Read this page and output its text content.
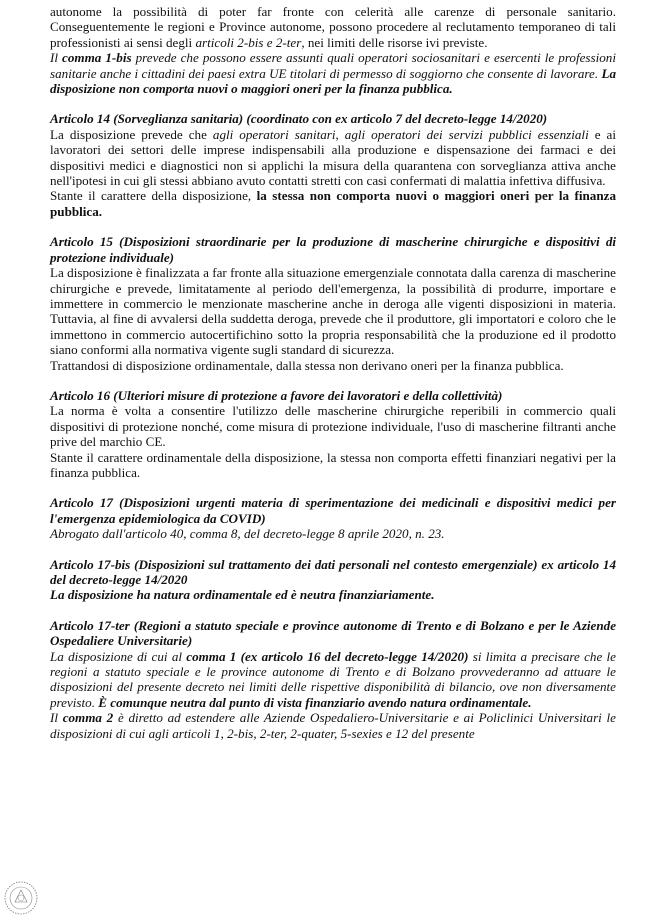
autonome la possibilità di poter far fronte con celerità alle carenze di personale sanitario. Conseguentemente le regioni e Province autonome, possono procedere al reclutamento temporaneo di tali professionisti ai sensi degli articoli 2-bis e 2-ter, nei limiti delle risorse ivi previste.

Il comma 1-bis prevede che possono essere assunti quali operatori sociosanitari e esercenti le professioni sanitarie anche i cittadini dei paesi extra UE titolari di permesso di soggiorno che consente di lavorare. La disposizione non comporta nuovi o maggiori oneri per la finanza pubblica.

Articolo 14 (Sorveglianza sanitaria) (coordinato con ex articolo 7 del decreto-legge 14/2020)

La disposizione prevede che agli operatori sanitari, agli operatori dei servizi pubblici essenziali e ai lavoratori dei settori delle imprese indispensabili alla produzione e dispensazione dei farmaci e dei dispositivi medici e diagnostici non si applichi la misura della quarantena con sorveglianza attiva anche nell'ipotesi in cui gli stessi abbiano avuto contatti stretti con casi confermati di malattia infettiva diffusiva.

Stante il carattere della disposizione, la stessa non comporta nuovi o maggiori oneri per la finanza pubblica.

Articolo 15 (Disposizioni straordinarie per la produzione di mascherine chirurgiche e dispositivi di protezione individuale)

La disposizione è finalizzata a far fronte alla situazione emergenziale connotata dalla carenza di mascherine chirurgiche e prevede, limitatamente al periodo dell'emergenza, la possibilità di produrre, importare e immettere in commercio le menzionate mascherine anche in deroga alle vigenti disposizioni in materia. Tuttavia, al fine di avvalersi della suddetta deroga, prevede che il produttore, gli importatori e coloro che le immettono in commercio autocertifichino sotto la propria responsabilità che la produzione ed il prodotto siano conformi alla normativa vigente sugli standard di sicurezza.

Trattandosi di disposizione ordinamentale, dalla stessa non derivano oneri per la finanza pubblica.

Articolo 16 (Ulteriori misure di protezione a favore dei lavoratori e della collettività)

La norma è volta a consentire l'utilizzo delle mascherine chirurgiche reperibili in commercio quali dispositivi di protezione nonché, come misura di protezione individuale, l'uso di mascherine filtranti anche prive del marchio CE.

Stante il carattere ordinamentale della disposizione, la stessa non comporta effetti finanziari negativi per la finanza pubblica.

Articolo 17 (Disposizioni urgenti materia di sperimentazione dei medicinali e dispositivi medici per l'emergenza epidemiologica da COVID)

Abrogato dall'articolo 40, comma 8, del decreto-legge 8 aprile 2020, n. 23.

Articolo 17-bis (Disposizioni sul trattamento dei dati personali nel contesto emergenziale) ex articolo 14 del decreto-legge 14/2020

La disposizione ha natura ordinamentale ed è neutra finanziariamente.

Articolo 17-ter (Regioni a statuto speciale e province autonome di Trento e di Bolzano e per le Aziende Ospedaliere Universitarie)

La disposizione di cui al comma 1 (ex articolo 16 del decreto-legge 14/2020) si limita a precisare che le regioni a statuto speciale e le province autonome di Trento e di Bolzano provvederanno ad attuare le disposizioni del presente decreto nei limiti delle rispettive disponibilità di bilancio, ove non diversamente previsto. È comunque neutra dal punto di vista finanziario avendo natura ordinamentale.

Il comma 2 è diretto ad estendere alle Aziende Ospedaliero-Universitarie e ai Policlinici Universitari le disposizioni di cui agli articoli 1, 2-bis, 2-ter, 2-quater, 5-sexies e 12 del presente
